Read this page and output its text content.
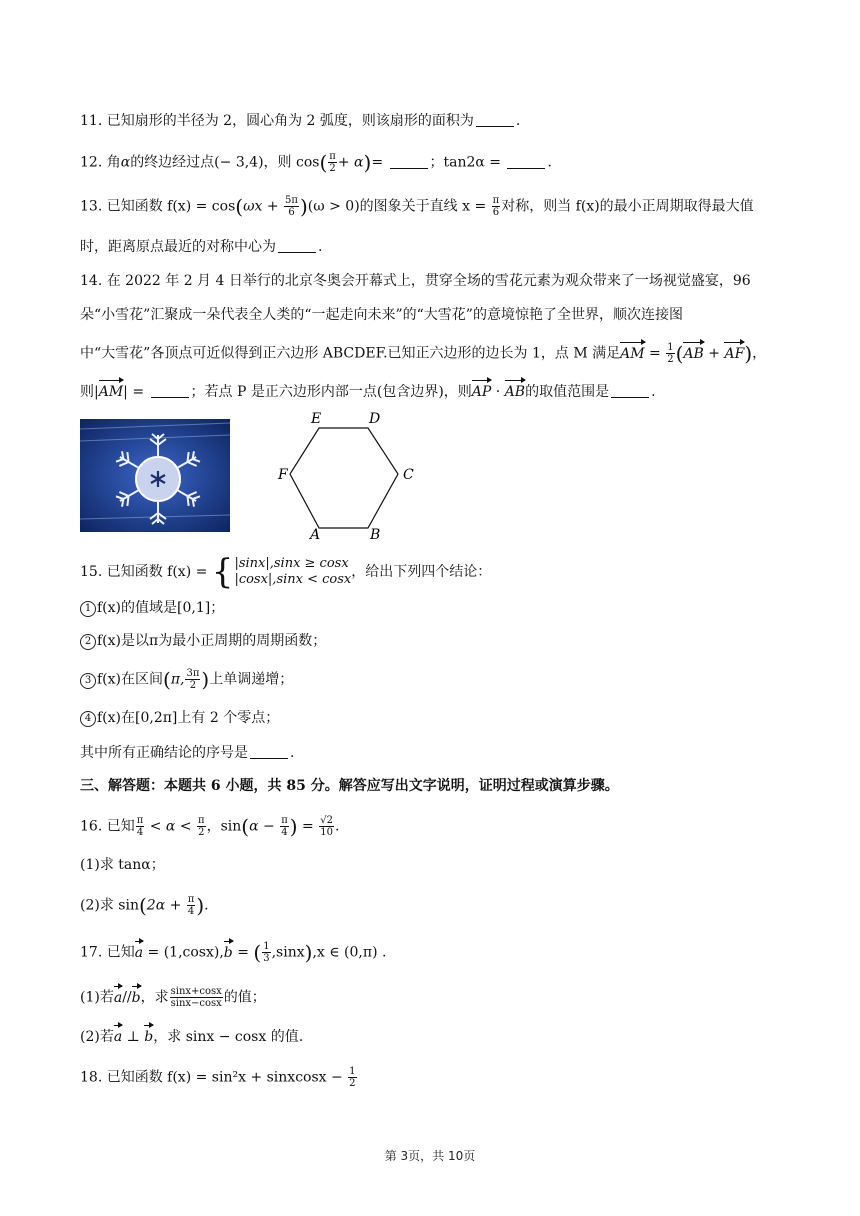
11. 已知扇形的半径为 2，圆心角为 2 弧度，则该扇形的面积为	.
12. 角α的终边经过点(− 3,4)，则 $\cos( \frac{\pi}{2} + \alpha)=$	；tan2α =	.
13. 已知函数 $f(x) = \cos(\omega x + \frac{5\pi}{6} )(\omega > 0)$的图象关于直线 $x = \frac{\pi}{6}$ 对称，则当 f(x)的最小正周期取得最大值
时，距离原点最近的对称中心为	.
14. 在 2022 年 2 月 4 日举行的北京冬奥会开幕式上，贯穿全场的雪花元素为观众带来了一场视觉盛宴，96
朵“小雪花”汇聚成一朵代表全人类的“一起走向未来”的“大雪花”的意境惊艳了全世界，顺次连接图
中“大雪花”各顶点可近似得到正六边形 ABCDEF.已知正六边形的边长为 1，点 M 满足AM = $\frac{1}{2} (AB + AF)$，
则|AM| =	；若点 P 是正六边形内部一点(包含边界)，则AP · AB的取值范围是	.
A	B
C
D
E
F
15. 已知函数 f(x) = { |sinx|,sinx ≥ cosx
|cosx|,sinx < cosx ，给出下列四个结论：
1 f(x)的值域是[0,1]；
2 f(x)是以π为最小正周期的周期函数；
3 f(x)在区间(π, $\frac{3\pi}{2}$ )上单调递增；
4 f(x)在[0,2π]上有 2 个零点；
其中所有正确结论的序号是	.
三、解答题：本题共 6 小题，共 85 分。解答应写出文字说明，证明过程或演算步骤。
16. 已知 $\frac{\pi}{4} < \alpha < \frac{\pi}{2}$ ，$\sin(\alpha - \frac{\pi}{4}$ ) = $\frac{√2}{10}$ .
(1)求 tanα；
(2)求 $\sin(2\alpha + \frac{\pi}{4}$ ).
17. 已知a = (1,cosx),b = ( $\frac{1}{3} ,\sin x),x$ ∈ (0,π) .
(1)若a//b，求 $\frac{\sin x+\cos x}{\sin x-\cos x}$ 的值；
(2)若a ⊥ b，求 sinx − cosx 的值.
18. 已知函数 f(x) = sin²x + sinxcosx − $\frac{1}{2}$
第 3页，共 10页
